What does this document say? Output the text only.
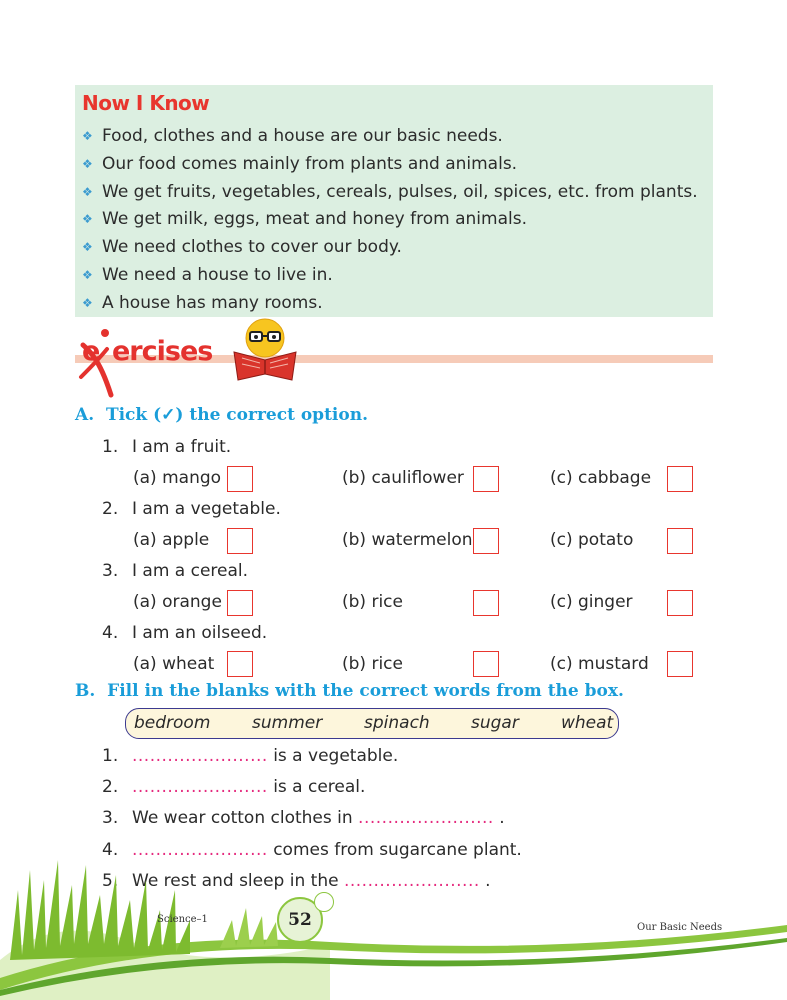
Now I Know
❖ Food, clothes and a house are our basic needs.
❖ Our food comes mainly from plants and animals.
❖ We get fruits, vegetables, cereals, pulses, oil, spices, etc. from plants.
❖ We get milk, eggs, meat and honey from animals.
❖ We need clothes to cover our body.
❖ We need a house to live in.
❖ A house has many rooms.
e ercises
A. Tick (✓) the correct option.
1. I am a fruit.
(a) mango	(b) cauliflower	(c) cabbage
2. I am a vegetable.
(a) apple	(b) watermelon	(c) potato
3. I am a cereal.
(a) orange	(b) rice	(c) ginger
4. I am an oilseed.
(a) wheat	(b) rice	(c) mustard
B. Fill in the blanks with the correct words from the box.
bedroom summer spinach sugar wheat
1. ....................... is a vegetable.
2. ....................... is a cereal.
3. We wear cotton clothes in ....................... .
4. ....................... comes from sugarcane plant.
5. We rest and sleep in the ....................... .
Science–1	52	Our Basic Needs
